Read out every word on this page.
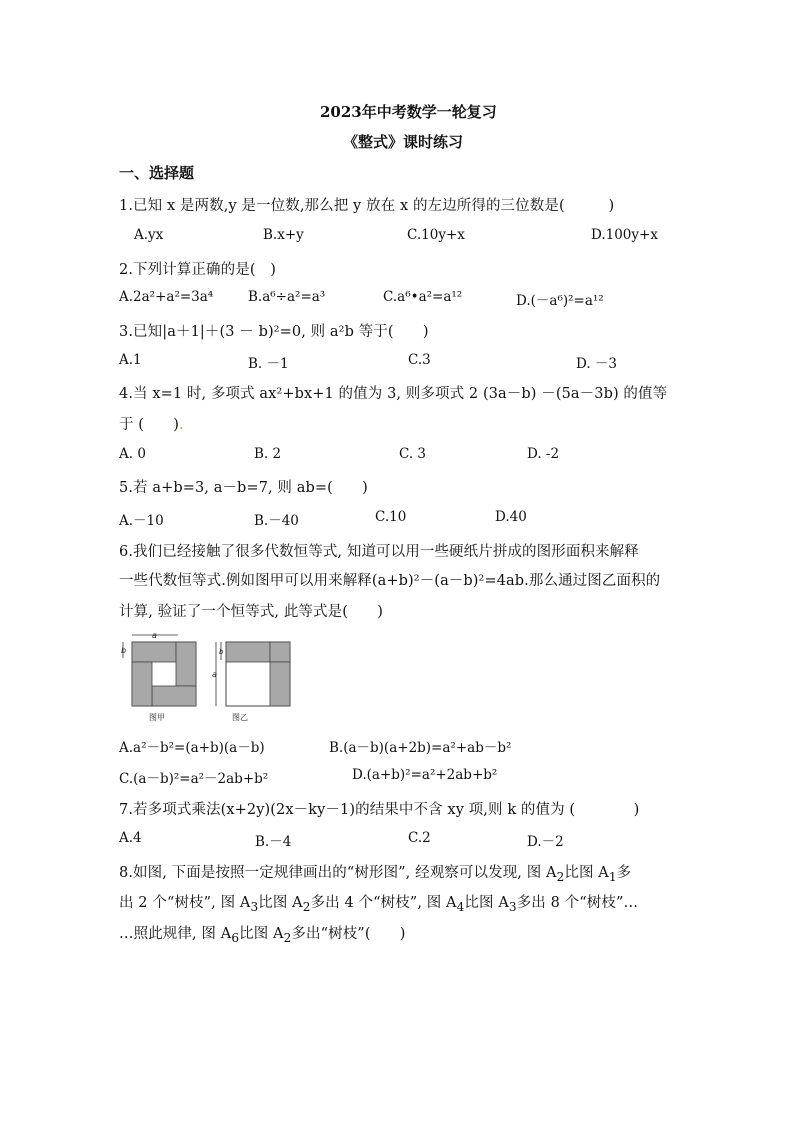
2023年中考数学一轮复习
《整式》课时练习
一、选择题
1.已知 x 是两数,y 是一位数,那么把 y 放在 x 的左边所得的三位数是(　　　)
A.yx	B.x+y	C.10y+x	D.100y+x
2.下列计算正确的是(　)
A.2a²+a²=3a⁴	B.a⁶÷a²=a³	C.a⁶•a²=a¹²	D.(－a⁶)²=a¹²
3.已知|a＋1|＋(3 － b)²=0, 则 a²b 等于(　　)
A.1	B. －1	C.3	D. －3
4.当 x=1 时, 多项式 ax²+bx+1 的值为 3, 则多项式 2 (3a－b) －(5a－3b) 的值等
于 (　　).
A. 0	B. 2	C. 3	D. -2
5.若 a+b=3, a－b=7, 则 ab=(　　)
A.－10	B.－40	C.10	D.40
6.我们已经接触了很多代数恒等式, 知道可以用一些硬纸片拼成的图形面积来解释
一些代数恒等式.例如图甲可以用来解释(a+b)²－(a－b)²=4ab.那么通过图乙面积的
计算, 验证了一个恒等式, 此等式是(　　)
a
b
图甲
a
b
图乙
A.a²－b²=(a+b)(a－b)	B.(a－b)(a+2b)=a²+ab－b²
C.(a－b)²=a²－2ab+b²	D.(a+b)²=a²+2ab+b²
7.若多项式乘法(x+2y)(2x－ky－1)的结果中不含 xy 项,则 k 的值为 (　　　　)
A.4	B.－4	C.2	D.－2
8.如图, 下面是按照一定规律画出的“树形图”, 经观察可以发现, 图 $A_2$比图 $A_1$多
出 2 个“树枝”, 图 $A_3$比图 $A_2$多出 4 个“树枝”, 图 $A_4$比图 $A_3$多出 8 个“树枝”…
…照此规律, 图 $A_6$比图 $A_2$多出“树枝”(　　)
